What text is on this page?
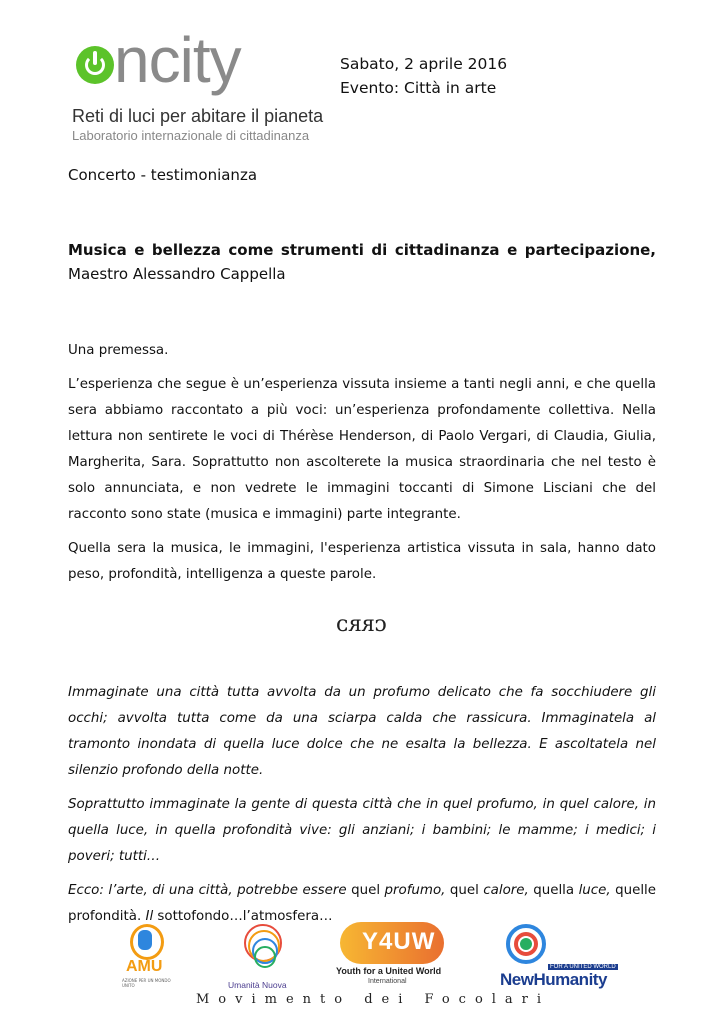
ncity
Reti di luci per abitare il pianeta
Laboratorio internazionale di cittadinanza
Sabato, 2 aprile 2016
Evento: Città in arte
Concerto - testimonianza
Musica e bellezza come strumenti di cittadinanza e partecipazione,
Maestro Alessandro Cappella

Una premessa.

L’esperienza che segue è un’esperienza vissuta insieme a tanti negli anni, e che quella sera abbiamo raccontato a più voci: un’esperienza profondamente collettiva. Nella lettura non sentirete le voci di Thérèse Henderson, di Paolo Vergari, di Claudia, Giulia, Margherita, Sara. Soprattutto non ascolterete la musica straordinaria che nel testo è solo annunciata, e non vedrete le immagini toccanti di Simone Lisciani che del racconto sono state (musica e immagini) parte integrante.

Quella sera la musica, le immagini, l'esperienza artistica vissuta in sala, hanno dato peso, profondità, intelligenza a queste parole.

ᴄᴙᴙᴐ

Immaginate una città tutta avvolta da un profumo delicato che fa socchiudere gli occhi; avvolta tutta come da una sciarpa calda che rassicura. Immaginatela al tramonto inondata di quella luce dolce che ne esalta la bellezza. E ascoltatela nel silenzio profondo della notte.

Soprattutto immaginate la gente di questa città che in quel profumo, in quel calore, in quella luce, in quella profondità vive: gli anziani; i bambini; le mamme; i medici; i poveri; tutti…

Ecco: l’arte, di una città, potrebbe essere quel profumo, quel calore, quella luce, quelle profondità. Il sottofondo…l’atmosfera…

AMU
AZIONE PER UN MONDO UNITO	Umanità Nuova
Y4UW
Youth for a United World
International
FOR A UNITED WORLD
NewHumanity
Movimento dei Focolari
